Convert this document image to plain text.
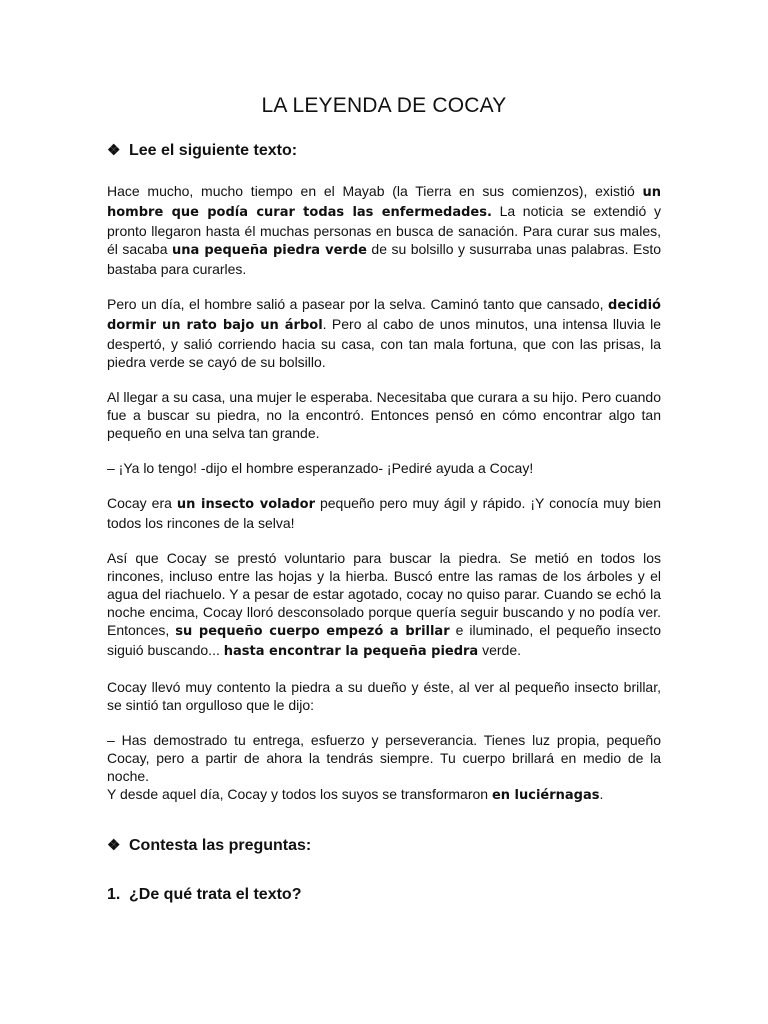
LA LEYENDA DE COCAY
❖ Lee el siguiente texto:

Hace mucho, mucho tiempo en el Mayab (la Tierra en sus comienzos), existió un hombre que podía curar todas las enfermedades. La noticia se extendió y pronto llegaron hasta él muchas personas en busca de sanación. Para curar sus males, él sacaba una pequeña piedra verde de su bolsillo y susurraba unas palabras. Esto bastaba para curarles.

Pero un día, el hombre salió a pasear por la selva. Caminó tanto que cansado, decidió dormir un rato bajo un árbol. Pero al cabo de unos minutos, una intensa lluvia le despertó, y salió corriendo hacia su casa, con tan mala fortuna, que con las prisas, la piedra verde se cayó de su bolsillo.

Al llegar a su casa, una mujer le esperaba. Necesitaba que curara a su hijo. Pero cuando fue a buscar su piedra, no la encontró. Entonces pensó en cómo encontrar algo tan pequeño en una selva tan grande.

– ¡Ya lo tengo! -dijo el hombre esperanzado- ¡Pediré ayuda a Cocay!

Cocay era un insecto volador pequeño pero muy ágil y rápido. ¡Y conocía muy bien todos los rincones de la selva!

Así que Cocay se prestó voluntario para buscar la piedra. Se metió en todos los rincones, incluso entre las hojas y la hierba. Buscó entre las ramas de los árboles y el agua del riachuelo. Y a pesar de estar agotado, cocay no quiso parar. Cuando se echó la noche encima, Cocay lloró desconsolado porque quería seguir buscando y no podía ver. Entonces, su pequeño cuerpo empezó a brillar e iluminado, el pequeño insecto siguió buscando... hasta encontrar la pequeña piedra verde.

Cocay llevó muy contento la piedra a su dueño y éste, al ver al pequeño insecto brillar, se sintió tan orgulloso que le dijo:

– Has demostrado tu entrega, esfuerzo y perseverancia. Tienes luz propia, pequeño Cocay, pero a partir de ahora la tendrás siempre. Tu cuerpo brillará en medio de la noche.

Y desde aquel día, Cocay y todos los suyos se transformaron en luciérnagas.

❖ Contesta las preguntas:
1. ¿De qué trata el texto?
